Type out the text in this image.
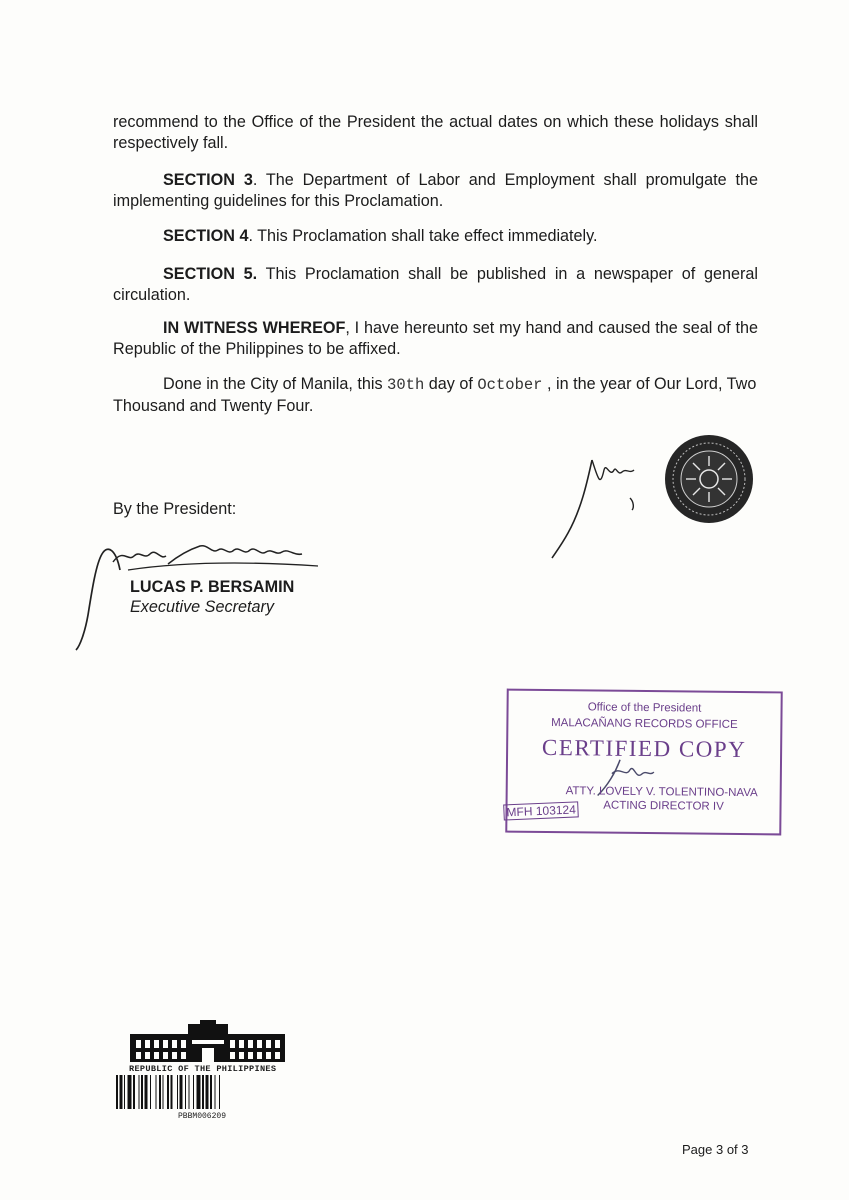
recommend to the Office of the President the actual dates on which these holidays shall respectively fall.

SECTION 3. The Department of Labor and Employment shall promulgate the implementing guidelines for this Proclamation.

SECTION 4. This Proclamation shall take effect immediately.

SECTION 5. This Proclamation shall be published in a newspaper of general circulation.

IN WITNESS WHEREOF, I have hereunto set my hand and caused the seal of the Republic of the Philippines to be affixed.

Done in the City of Manila, this 30th day of October , in the year of Our Lord, Two Thousand and Twenty Four.

By the President:
LUCAS P. BERSAMIN
Executive Secretary
Office of the President
MALACAÑANG RECORDS OFFICE
CERTIFIED COPY
ATTY. LOVELY V. TOLENTINO-NAVA
ACTING DIRECTOR IV
MFH 103124
REPUBLIC OF THE PHILIPPINES
PBBM006209
Page 3 of 3
